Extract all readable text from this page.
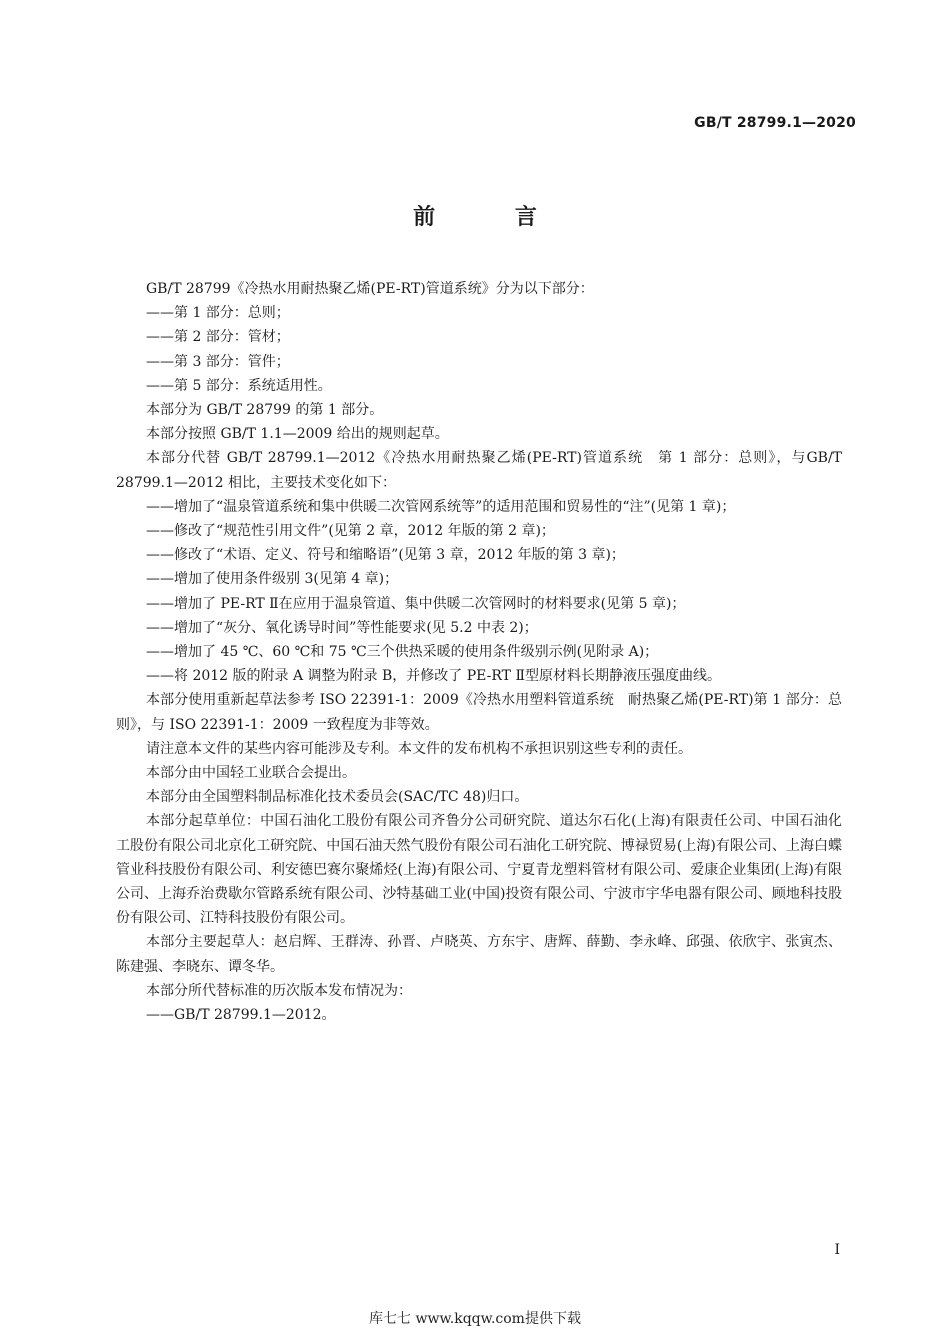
GB/T 28799.1—2020
前 言

GB/T 28799《冷热水用耐热聚乙烯(PE-RT)管道系统》分为以下部分：

——第 1 部分：总则；

——第 2 部分：管材；

——第 3 部分：管件；

——第 5 部分：系统适用性。

本部分为 GB/T 28799 的第 1 部分。

本部分按照 GB/T 1.1—2009 给出的规则起草。

本部分代替 GB/T 28799.1—2012《冷热水用耐热聚乙烯(PE-RT)管道系统　第 1 部分：总则》，与GB/T 28799.1—2012 相比，主要技术变化如下：

——增加了“温泉管道系统和集中供暖二次管网系统等”的适用范围和贸易性的“注”(见第 1 章)；

——修改了“规范性引用文件”(见第 2 章，2012 年版的第 2 章)；

——修改了“术语、定义、符号和缩略语”(见第 3 章，2012 年版的第 3 章)；

——增加了使用条件级别 3(见第 4 章)；

——增加了 PE-RT Ⅱ在应用于温泉管道、集中供暖二次管网时的材料要求(见第 5 章)；

——增加了“灰分、氧化诱导时间”等性能要求(见 5.2 中表 2)；

——增加了 45 ℃、60 ℃和 75 ℃三个供热采暖的使用条件级别示例(见附录 A)；

——将 2012 版的附录 A 调整为附录 B，并修改了 PE-RT Ⅱ型原材料长期静液压强度曲线。

本部分使用重新起草法参考 ISO 22391-1：2009《冷热水用塑料管道系统　耐热聚乙烯(PE-RT)第 1 部分：总则》，与 ISO 22391-1：2009 一致程度为非等效。

请注意本文件的某些内容可能涉及专利。本文件的发布机构不承担识别这些专利的责任。

本部分由中国轻工业联合会提出。

本部分由全国塑料制品标准化技术委员会(SAC/TC 48)归口。

本部分起草单位：中国石油化工股份有限公司齐鲁分公司研究院、道达尔石化(上海)有限责任公司、中国石油化工股份有限公司北京化工研究院、中国石油天然气股份有限公司石油化工研究院、博禄贸易(上海)有限公司、上海白蝶管业科技股份有限公司、利安德巴赛尔聚烯烃(上海)有限公司、宁夏青龙塑料管材有限公司、爱康企业集团(上海)有限公司、上海乔治费歇尔管路系统有限公司、沙特基础工业(中国)投资有限公司、宁波市宇华电器有限公司、顾地科技股份有限公司、江特科技股份有限公司。

本部分主要起草人：赵启辉、王群涛、孙晋、卢晓英、方东宇、唐辉、薛勤、李永峰、邱强、依欣宇、张寅杰、陈建强、李晓东、谭冬华。

本部分所代替标准的历次版本发布情况为：

——GB/T 28799.1—2012。

I
库七七 www.kqqw.com提供下载
